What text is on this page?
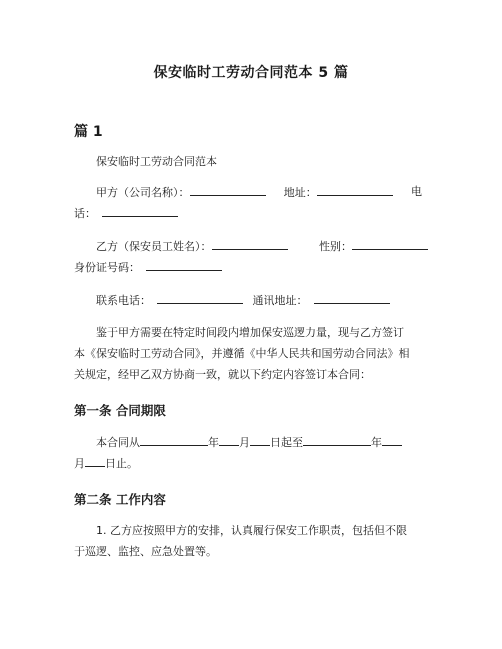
保安临时工劳动合同范本 5 篇
篇 1
保安临时工劳动合同范本
甲方（公司名称）：	地址：	电
话：
乙方（保安员工姓名）：	性别：
身份证号码：
联系电话：	通讯地址：
鉴于甲方需要在特定时间段内增加保安巡逻力量，现与乙方签订
本《保安临时工劳动合同》，并遵循《中华人民共和国劳动合同法》相
关规定，经甲乙双方协商一致，就以下约定内容签订本合同：
第一条 合同期限
本合同从	年 月 日起至	年
月 日止。
第二条 工作内容
1. 乙方应按照甲方的安排，认真履行保安工作职责，包括但不限
于巡逻、监控、应急处置等。
